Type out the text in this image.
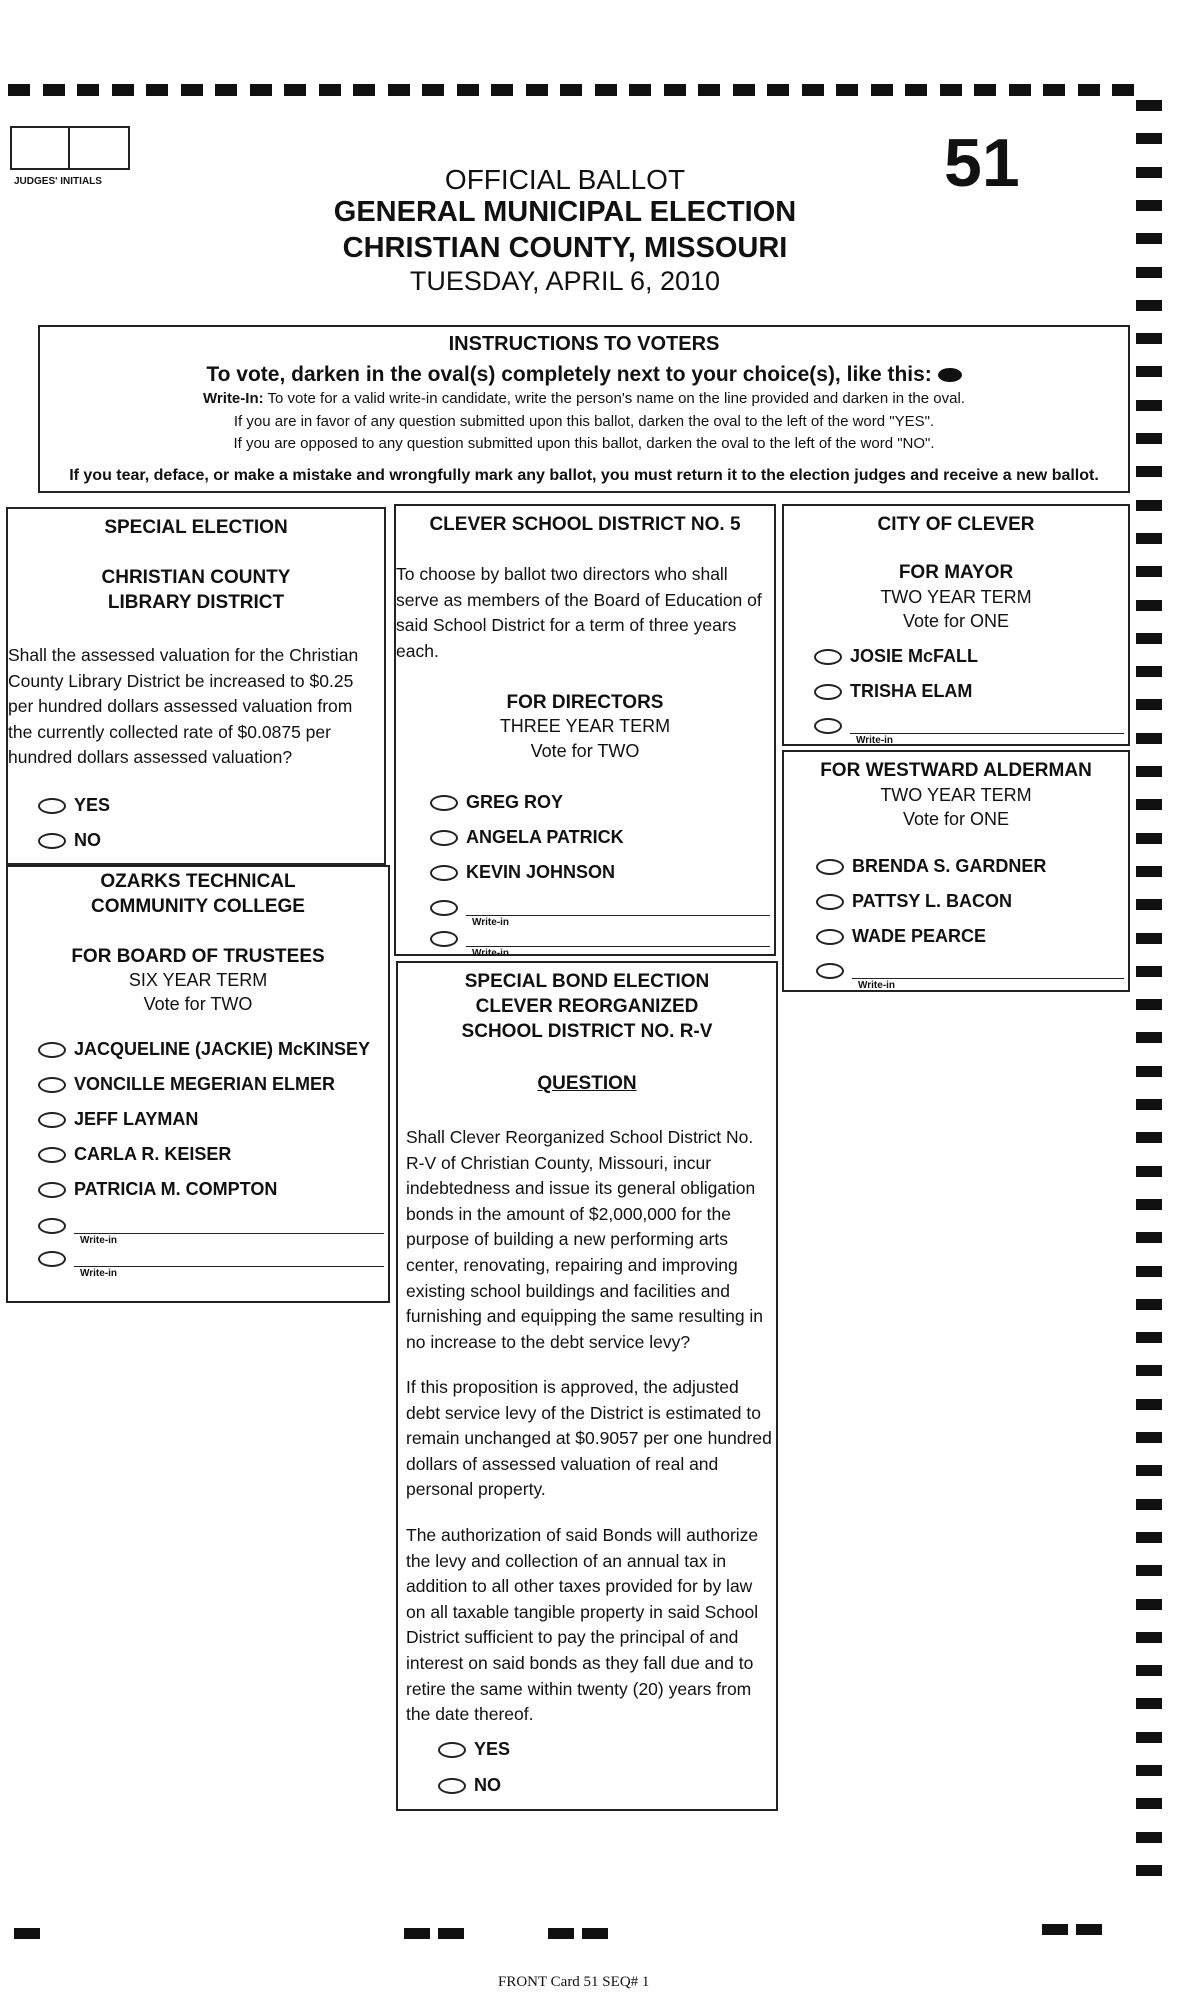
JUDGES' INITIALS	51
OFFICIAL BALLOT
GENERAL MUNICIPAL ELECTION
CHRISTIAN COUNTY, MISSOURI
TUESDAY, APRIL 6, 2010

INSTRUCTIONS TO VOTERS

To vote, darken in the oval(s) completely next to your choice(s), like this:

Write-In: To vote for a valid write-in candidate, write the person's name on the line provided and darken in the oval.

If you are in favor of any question submitted upon this ballot, darken the oval to the left of the word "YES".

If you are opposed to any question submitted upon this ballot, darken the oval to the left of the word "NO".

If you tear, deface, or make a mistake and wrongfully mark any ballot, you must return it to the election judges and receive a new ballot.

SPECIAL ELECTION
CHRISTIAN COUNTY
LIBRARY DISTRICT
Shall the assessed valuation for the Christian County Library District be increased to $0.25 per hundred dollars assessed valuation from the currently collected rate of $0.0875 per hundred dollars assessed valuation?
YES
NO
OZARKS TECHNICAL
COMMUNITY COLLEGE
FOR BOARD OF TRUSTEES
SIX YEAR TERM
Vote for TWO
JACQUELINE (JACKIE) McKINSEY
VONCILLE MEGERIAN ELMER
JEFF LAYMAN
CARLA R. KEISER
PATRICIA M. COMPTON
Write-in
Write-in
CLEVER SCHOOL DISTRICT NO. 5
To choose by ballot two directors who shall serve as members of the Board of Education of said School District for a term of three years each.
FOR DIRECTORS
THREE YEAR TERM
Vote for TWO
GREG ROY
ANGELA PATRICK
KEVIN JOHNSON
Write-in
Write-in
SPECIAL BOND ELECTION
CLEVER REORGANIZED
SCHOOL DISTRICT NO. R-V
QUESTION
Shall Clever Reorganized School District No. R-V of Christian County, Missouri, incur indebtedness and issue its general obligation bonds in the amount of $2,000,000 for the purpose of building a new performing arts center, renovating, repairing and improving existing school buildings and facilities and furnishing and equipping the same resulting in no increase to the debt service levy?
If this proposition is approved, the adjusted debt service levy of the District is estimated to remain unchanged at $0.9057 per one hundred dollars of assessed valuation of real and personal property.
The authorization of said Bonds will authorize the levy and collection of an annual tax in addition to all other taxes provided for by law on all taxable tangible property in said School District sufficient to pay the principal of and interest on said bonds as they fall due and to retire the same within twenty (20) years from the date thereof.
YES
NO
CITY OF CLEVER
FOR MAYOR
TWO YEAR TERM
Vote for ONE
JOSIE McFALL
TRISHA ELAM
Write-in
FOR WESTWARD ALDERMAN
TWO YEAR TERM
Vote for ONE
BRENDA S. GARDNER
PATTSY L. BACON
WADE PEARCE
Write-in
FRONT Card 51 SEQ# 1
